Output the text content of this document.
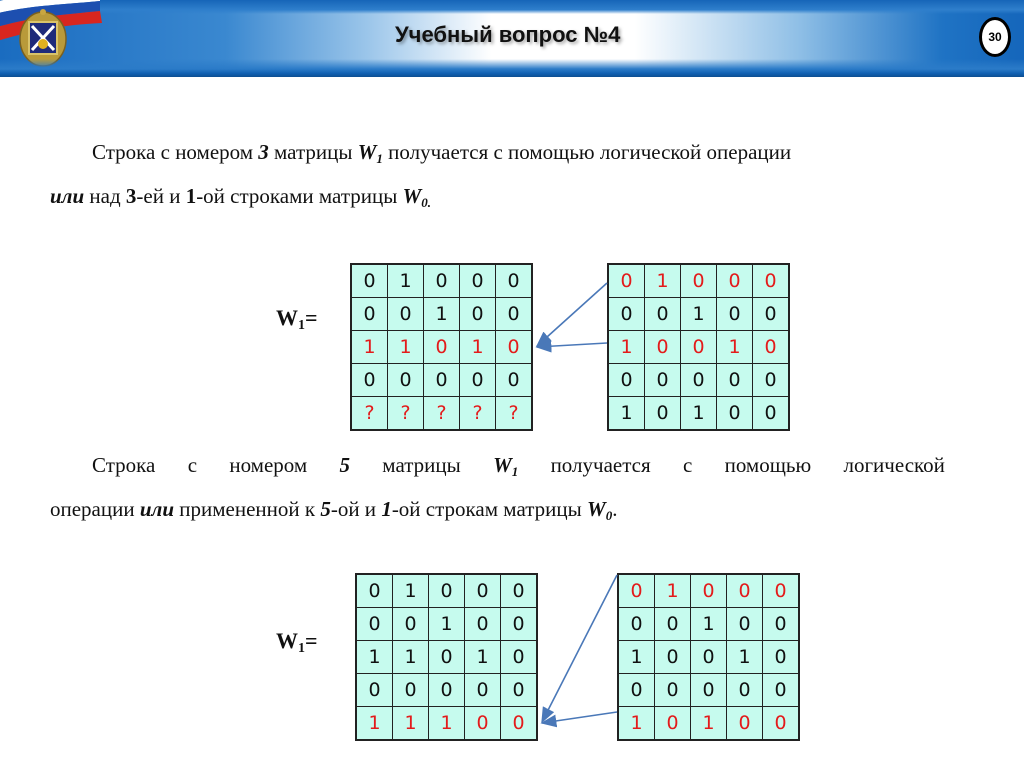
Учебный вопрос №4	30
Строка с номером 3 матрицы $W_1$ получается с помощью логической операции
или над 3-ей и 1-ой строками матрицы $W_{0.}$
$W_1=$
0	1	0	0	0
0	0	1	0	0
1	1	0	1	0
0	0	0	0	0
?	?	?	?	?
0	1	0	0	0
0	0	1	0	0
1	0	0	1	0
0	0	0	0	0
1	0	1	0	0
Строка с номером 5 матрицы $W_1$ получается с помощью логической
операции или примененной к 5-ой и 1-ой строкам матрицы $W_0$.
$W_1=$
0	1	0	0	0
0	0	1	0	0
1	1	0	1	0
0	0	0	0	0
1	1	1	0	0
0	1	0	0	0
0	0	1	0	0
1	0	0	1	0
0	0	0	0	0
1	0	1	0	0
